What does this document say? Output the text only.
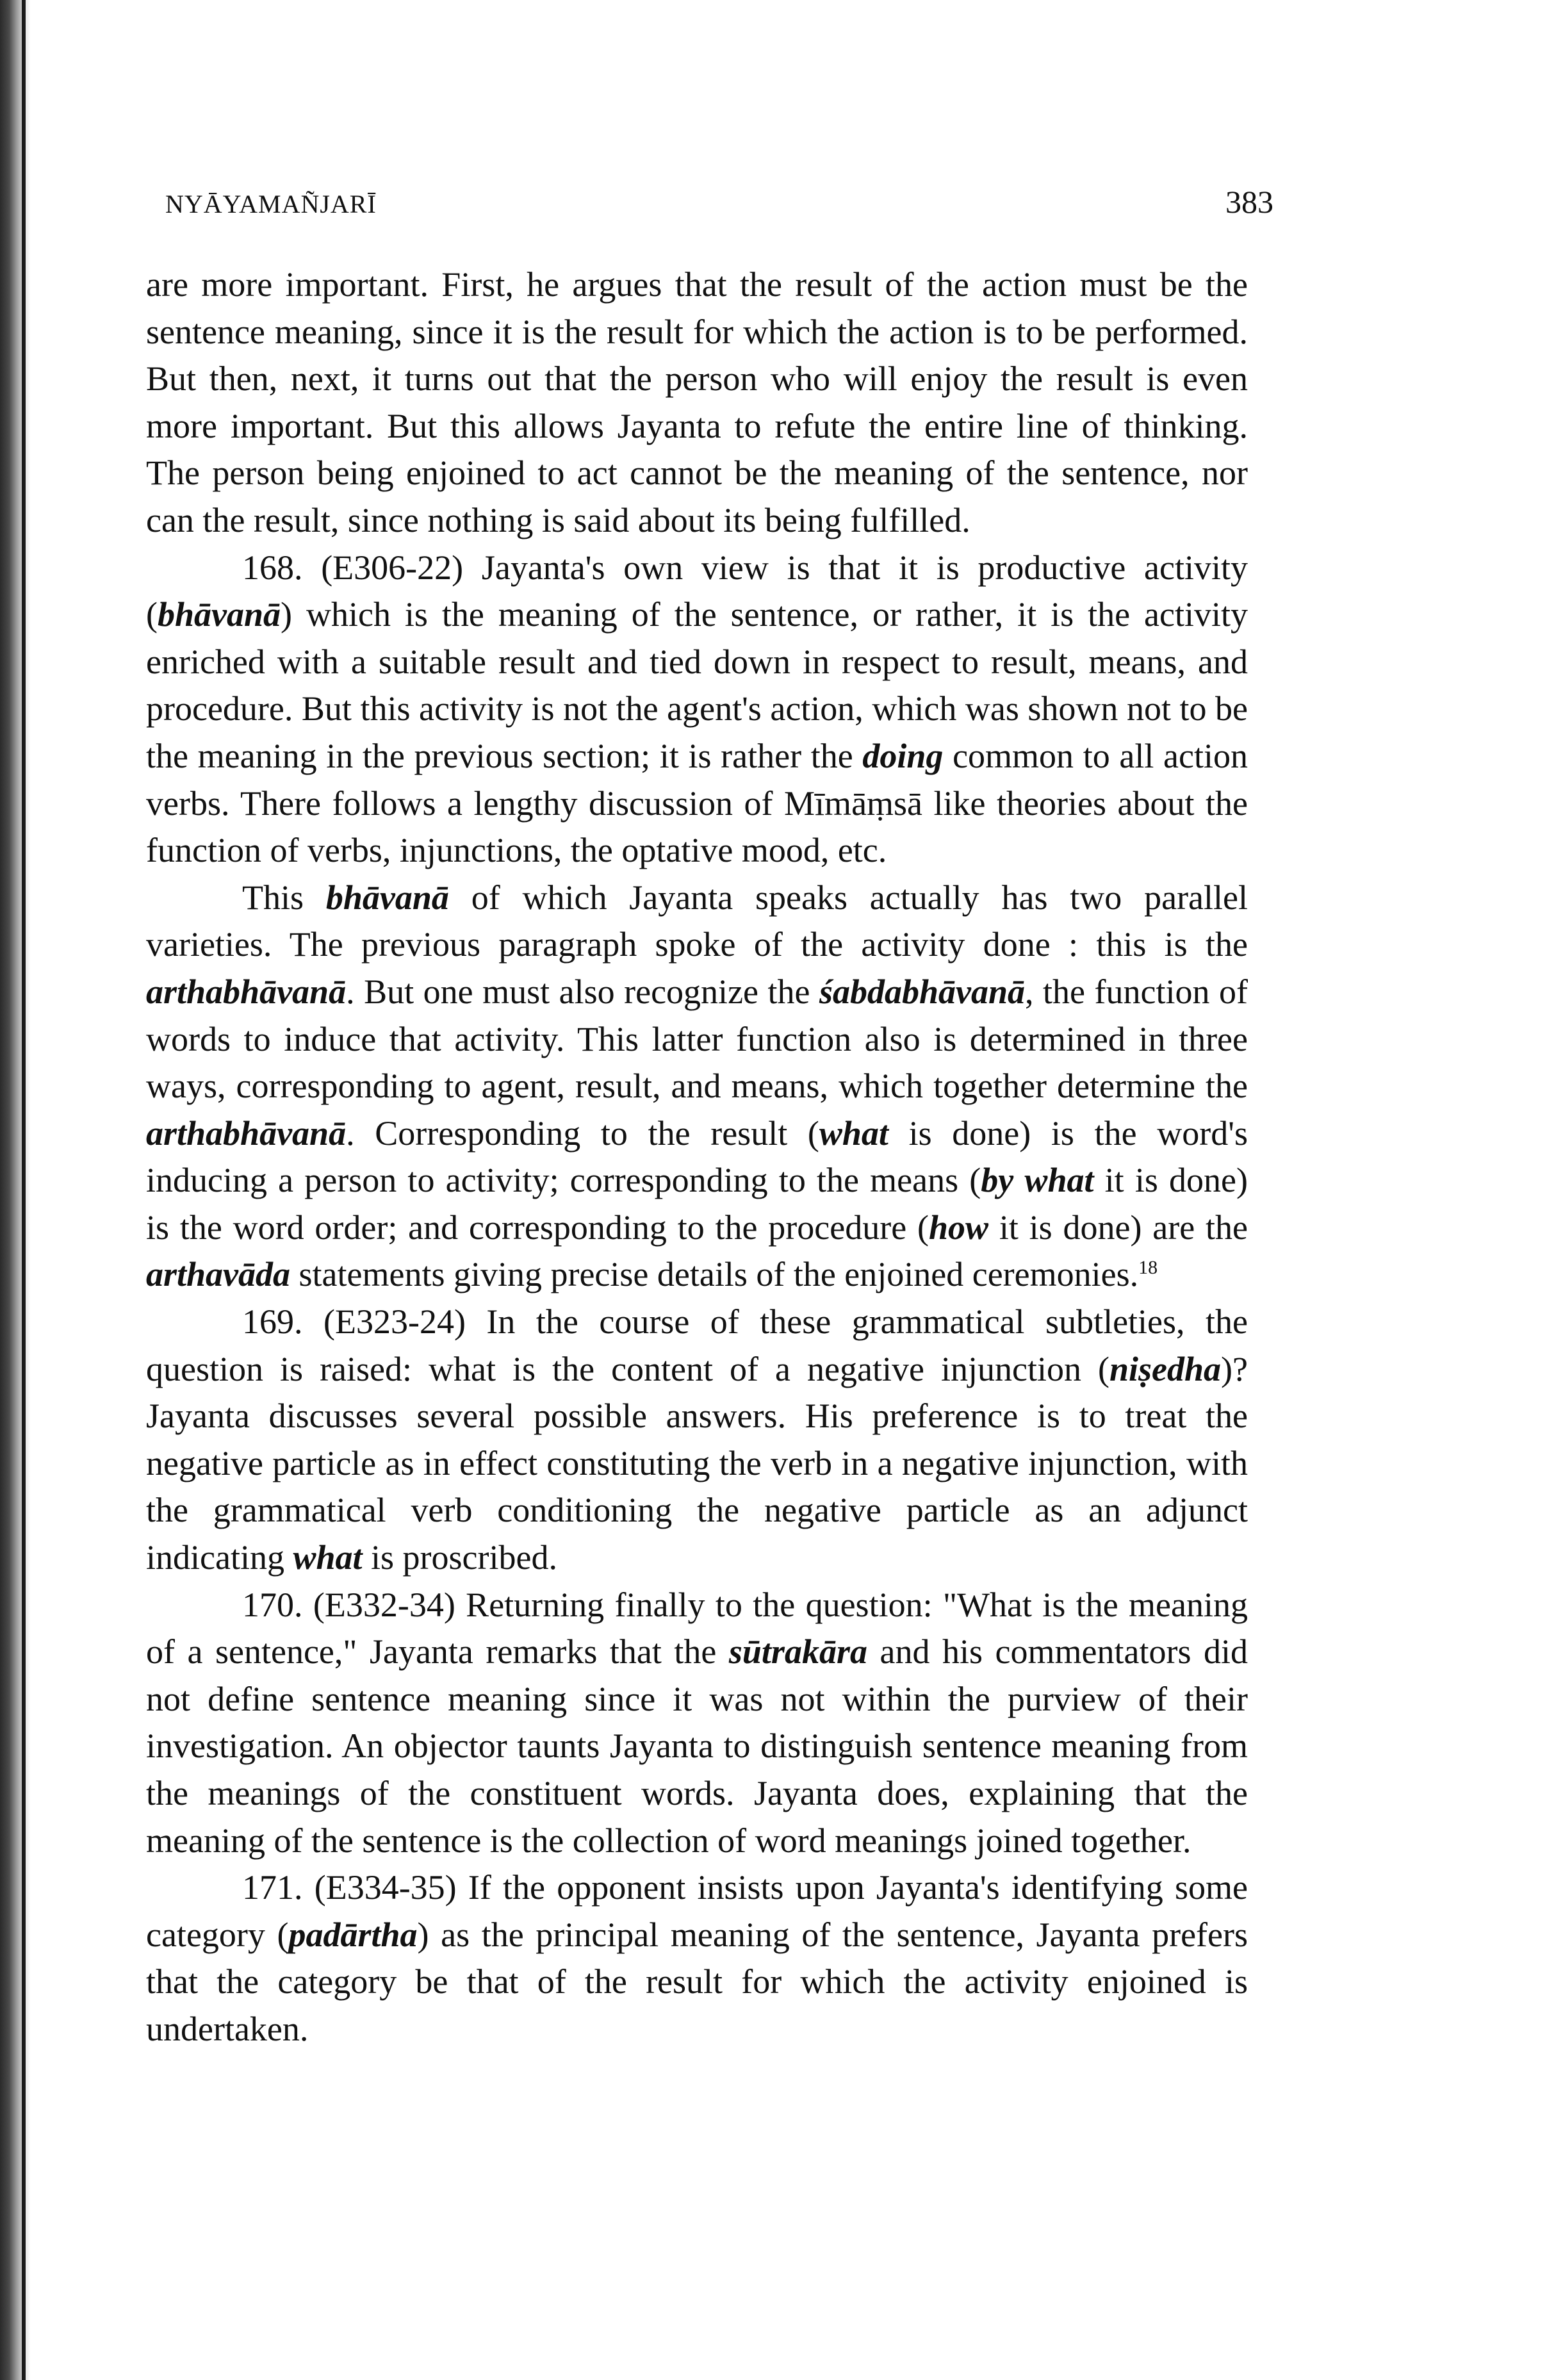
NYĀYAMAÑJARĪ	383

are more important. First, he argues that the result of the action must be the sentence meaning, since it is the result for which the action is to be performed. But then, next, it turns out that the person who will enjoy the result is even more important. But this allows Jayanta to refute the entire line of thinking. The person being enjoined to act cannot be the meaning of the sentence, nor can the result, since nothing is said about its being fulfilled.

168. (E306-22) Jayanta's own view is that it is productive activity (bhāvanā) which is the meaning of the sentence, or rather, it is the activity enriched with a suitable result and tied down in respect to result, means, and procedure. But this activity is not the agent's action, which was shown not to be the meaning in the previous section; it is rather the doing common to all action verbs. There follows a lengthy discussion of Mīmāṃsā like theories about the function of verbs, injunctions, the optative mood, etc.

This bhāvanā of which Jayanta speaks actually has two parallel varieties. The previous paragraph spoke of the activity done : this is the arthabhāvanā. But one must also recognize the śabdabhāvanā, the function of words to induce that activity. This latter function also is determined in three ways, corresponding to agent, result, and means, which together determine the arthabhāvanā. Corresponding to the result (what is done) is the word's inducing a person to activity; corresponding to the means (by what it is done) is the word order; and corresponding to the procedure (how it is done) are the arthavāda statements giving precise details of the enjoined ceremonies.$^{18}$

169. (E323-24) In the course of these grammatical subtleties, the question is raised: what is the content of a negative injunction (niṣedha)? Jayanta discusses several possible answers. His preference is to treat the negative particle as in effect constituting the verb in a negative injunction, with the grammatical verb conditioning the negative particle as an adjunct indicating what is proscribed.

170. (E332-34) Returning finally to the question: "What is the meaning of a sentence," Jayanta remarks that the sūtrakāra and his commentators did not define sentence meaning since it was not within the purview of their investigation. An objector taunts Jayanta to distinguish sentence meaning from the meanings of the constituent words. Jayanta does, explaining that the meaning of the sentence is the collection of word meanings joined together.

171. (E334-35) If the opponent insists upon Jayanta's identifying some category (padārtha) as the principal meaning of the sentence, Jayanta prefers that the category be that of the result for which the activity enjoined is undertaken.
